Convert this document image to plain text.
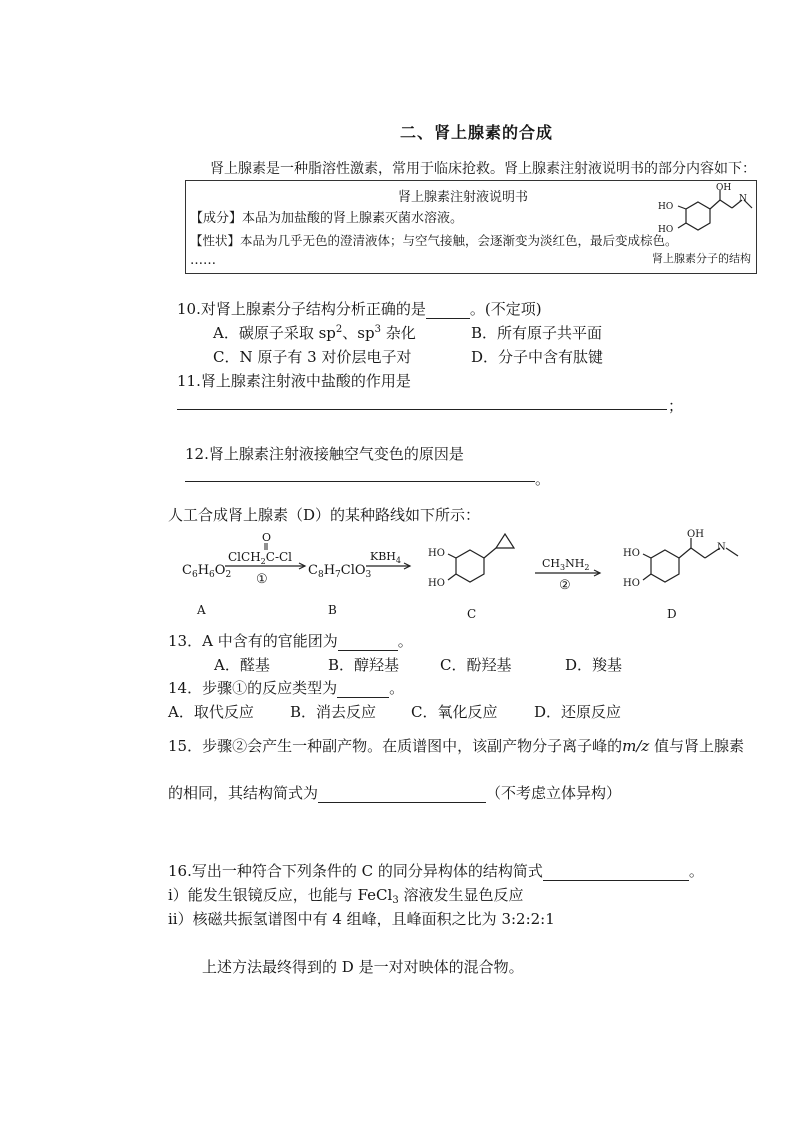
二、肾上腺素的合成
肾上腺素是一种脂溶性激素，常用于临床抢救。肾上腺素注射液说明书的部分内容如下：
肾上腺素注射液说明书
【成分】本品为加盐酸的肾上腺素灭菌水溶液。
【性状】本品为几乎无色的澄清液体；与空气接触，会逐渐变为淡红色，最后变成棕色。
……	肾上腺素分子的结构
OH
N
HO
HO
10.对肾上腺素分子结构分析正确的是	。(不定项)
A．碳原子采取 $sp^2$、$sp^3$ 杂化	B．所有原子共平面
C．N 原子有 3 对价层电子对	D．分子中含有肽键
11.肾上腺素注射液中盐酸的作用是
；
12.肾上腺素注射液接触空气变色的原因是
。
人工合成肾上腺素（D）的某种路线如下所示：
$C_6H_6O_2$
O
ClCH$_2$C-Cl
①
$C_8H_7ClO_3$
$KBH_4$
HO
HO
$CH_3NH_2$
②
OH
N
HO
HO
A	B	C	D
13．A 中含有的官能团为	。
A．醛基	B．醇羟基	C．酚羟基	D．羧基
14．步骤①的反应类型为	。
A．取代反应 B．消去反应 C．氧化反应 D．还原反应
15．步骤②会产生一种副产物。在质谱图中，该副产物分子离子峰的m/z 值与肾上腺素
的相同，其结构简式为	（不考虑立体异构）
16.写出一种符合下列条件的 C 的同分异构体的结构简式	。
i）能发生银镜反应，也能与 FeCl$_3$ 溶液发生显色反应
ii）核磁共振氢谱图中有 4 组峰，且峰面积之比为 3:2:2:1
上述方法最终得到的 D 是一对对映体的混合物。
